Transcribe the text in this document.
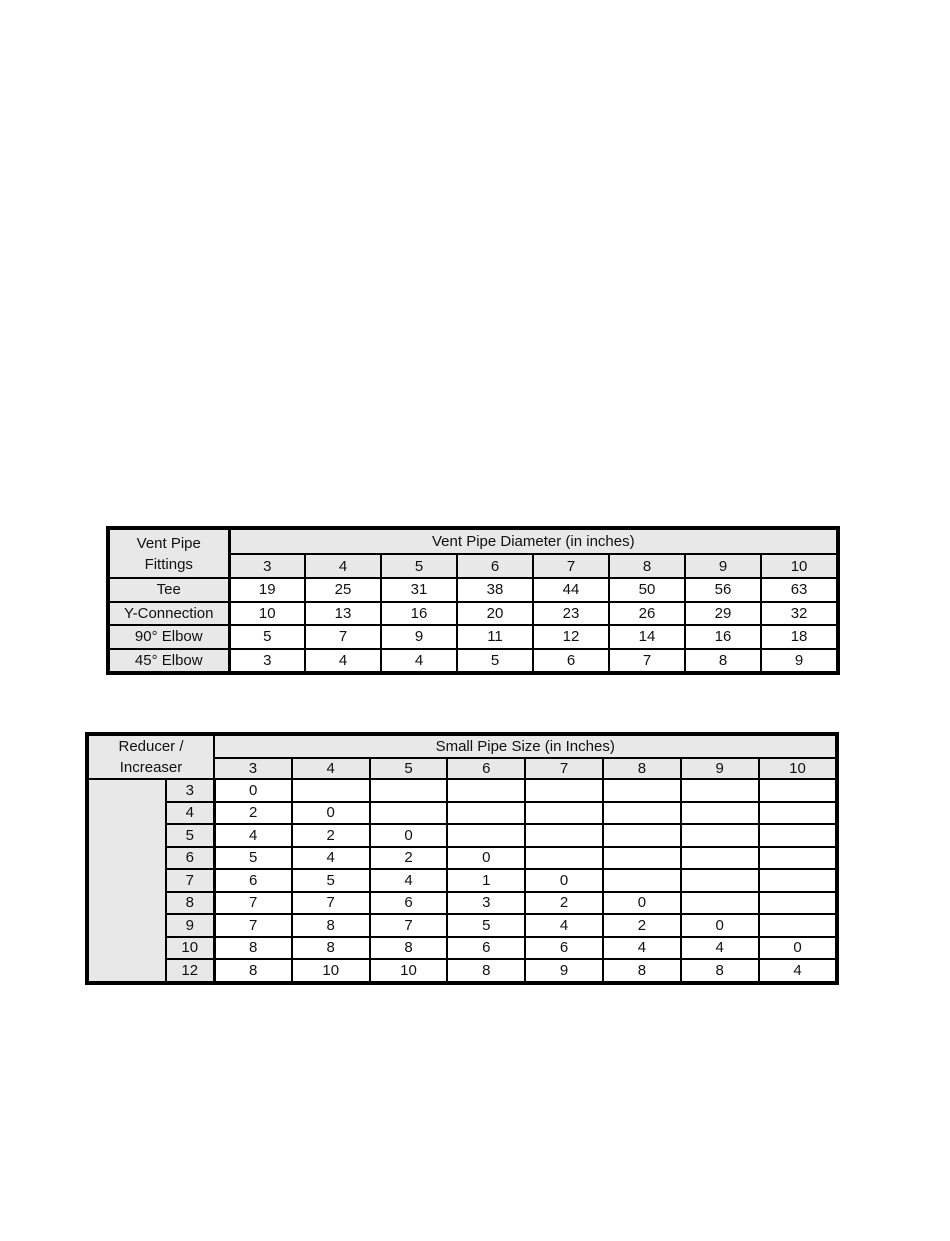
Vent Pipe
Fittings	Vent Pipe Diameter (in inches)							
	3	4	5	6	7	8	9	10
Tee	19	25	31	38	44	50	56	63
Y-Connection	10	13	16	20	23	26	29	32
90° Elbow	5	7	9	11	12	14	16	18
45° Elbow	3	4	4	5	6	7	8	9
Reducer /
Increaser		Small Pipe Size (in Inches)							
		3	4	5	6	7	8	9	10
	3	0							
	4	2	0						
	5	4	2	0					
	6	5	4	2	0				
	7	6	5	4	1	0			
	8	7	7	6	3	2	0		
	9	7	8	7	5	4	2	0	
	10	8	8	8	6	6	4	4	0
	12	8	10	10	8	9	8	8	4
